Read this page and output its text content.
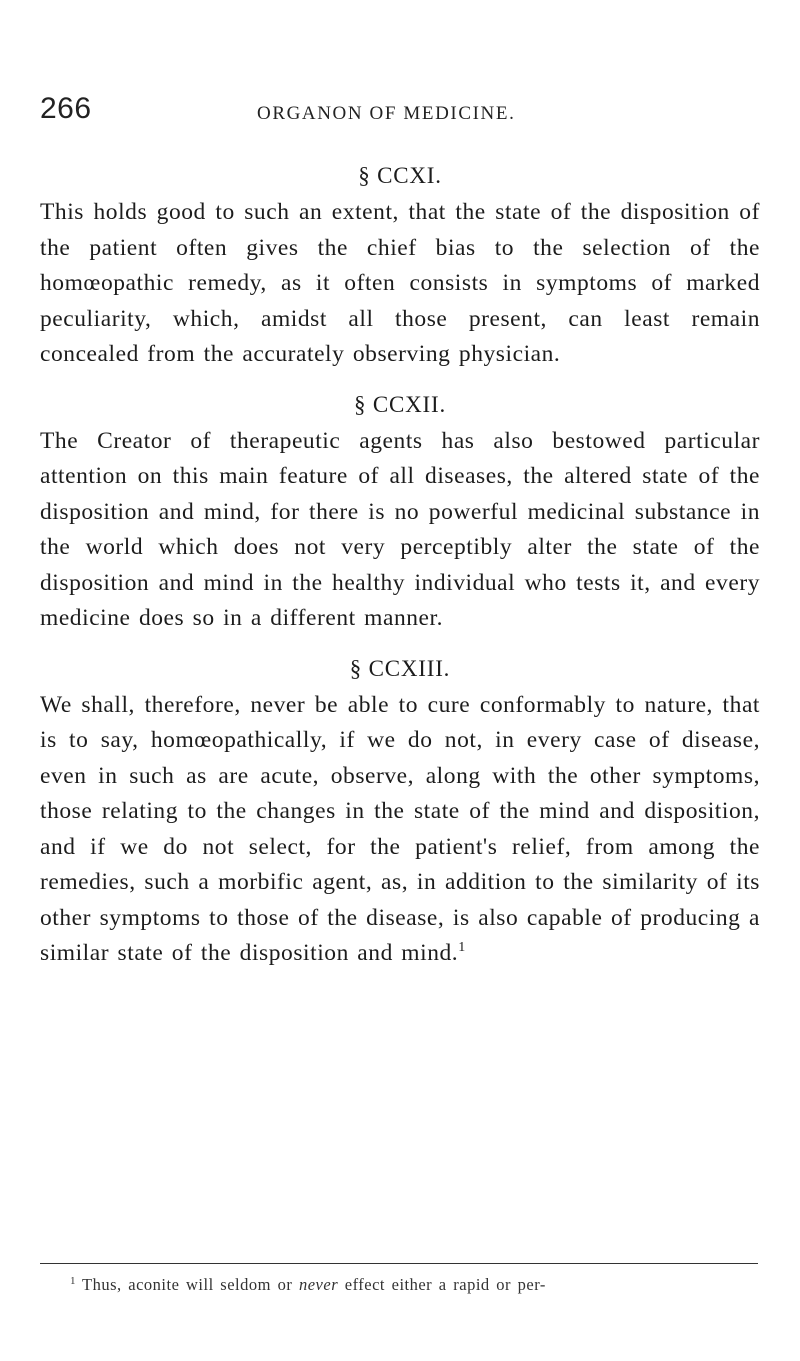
266	ORGANON OF MEDICINE.

§ CCXI.

This holds good to such an extent, that the state of the disposition of the patient often gives the chief bias to the selection of the homœopathic remedy, as it often consists in symptoms of marked peculiarity, which, amidst all those present, can least remain concealed from the accurately observing physician.

§ CCXII.

The Creator of therapeutic agents has also bestowed particular attention on this main feature of all diseases, the altered state of the disposition and mind, for there is no powerful medicinal substance in the world which does not very perceptibly alter the state of the disposition and mind in the healthy individual who tests it, and every medicine does so in a different manner.

§ CCXIII.

We shall, therefore, never be able to cure conformably to nature, that is to say, homœopathically, if we do not, in every case of disease, even in such as are acute, observe, along with the other symptoms, those relating to the changes in the state of the mind and disposition, and if we do not select, for the patient's relief, from among the remedies, such a morbific agent, as, in addition to the similarity of its other symptoms to those of the disease, is also capable of producing a similar state of the disposition and mind.$^1$

$^1$ Thus, aconite will seldom or never effect either a rapid or per-
